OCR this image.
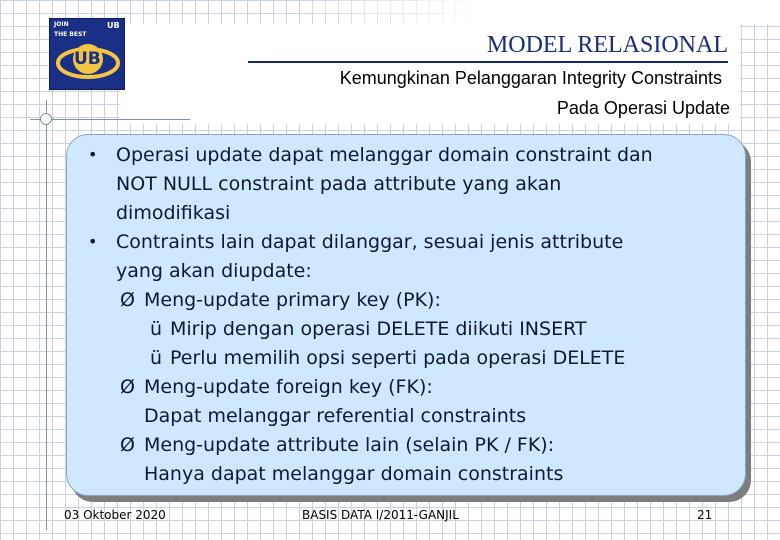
JOIN	UB
THE BEST
UB
MODEL RELASIONAL
Kemungkinan Pelanggaran Integrity Constraints
Pada Operasi Update
• Operasi update dapat melanggar domain constraint dan
NOT NULL constraint pada attribute yang akan
dimodifikasi
• Contraints lain dapat dilanggar, sesuai jenis attribute
yang akan diupdate:
Ø Meng-update primary key (PK):
ü Mirip dengan operasi DELETE diikuti INSERT
ü Perlu memilih opsi seperti pada operasi DELETE
Ø Meng-update foreign key (FK):
Dapat melanggar referential constraints
Ø Meng-update attribute lain (selain PK / FK):
Hanya dapat melanggar domain constraints
03 Oktober 2020	BASIS DATA I/2011-GANJIL	21
